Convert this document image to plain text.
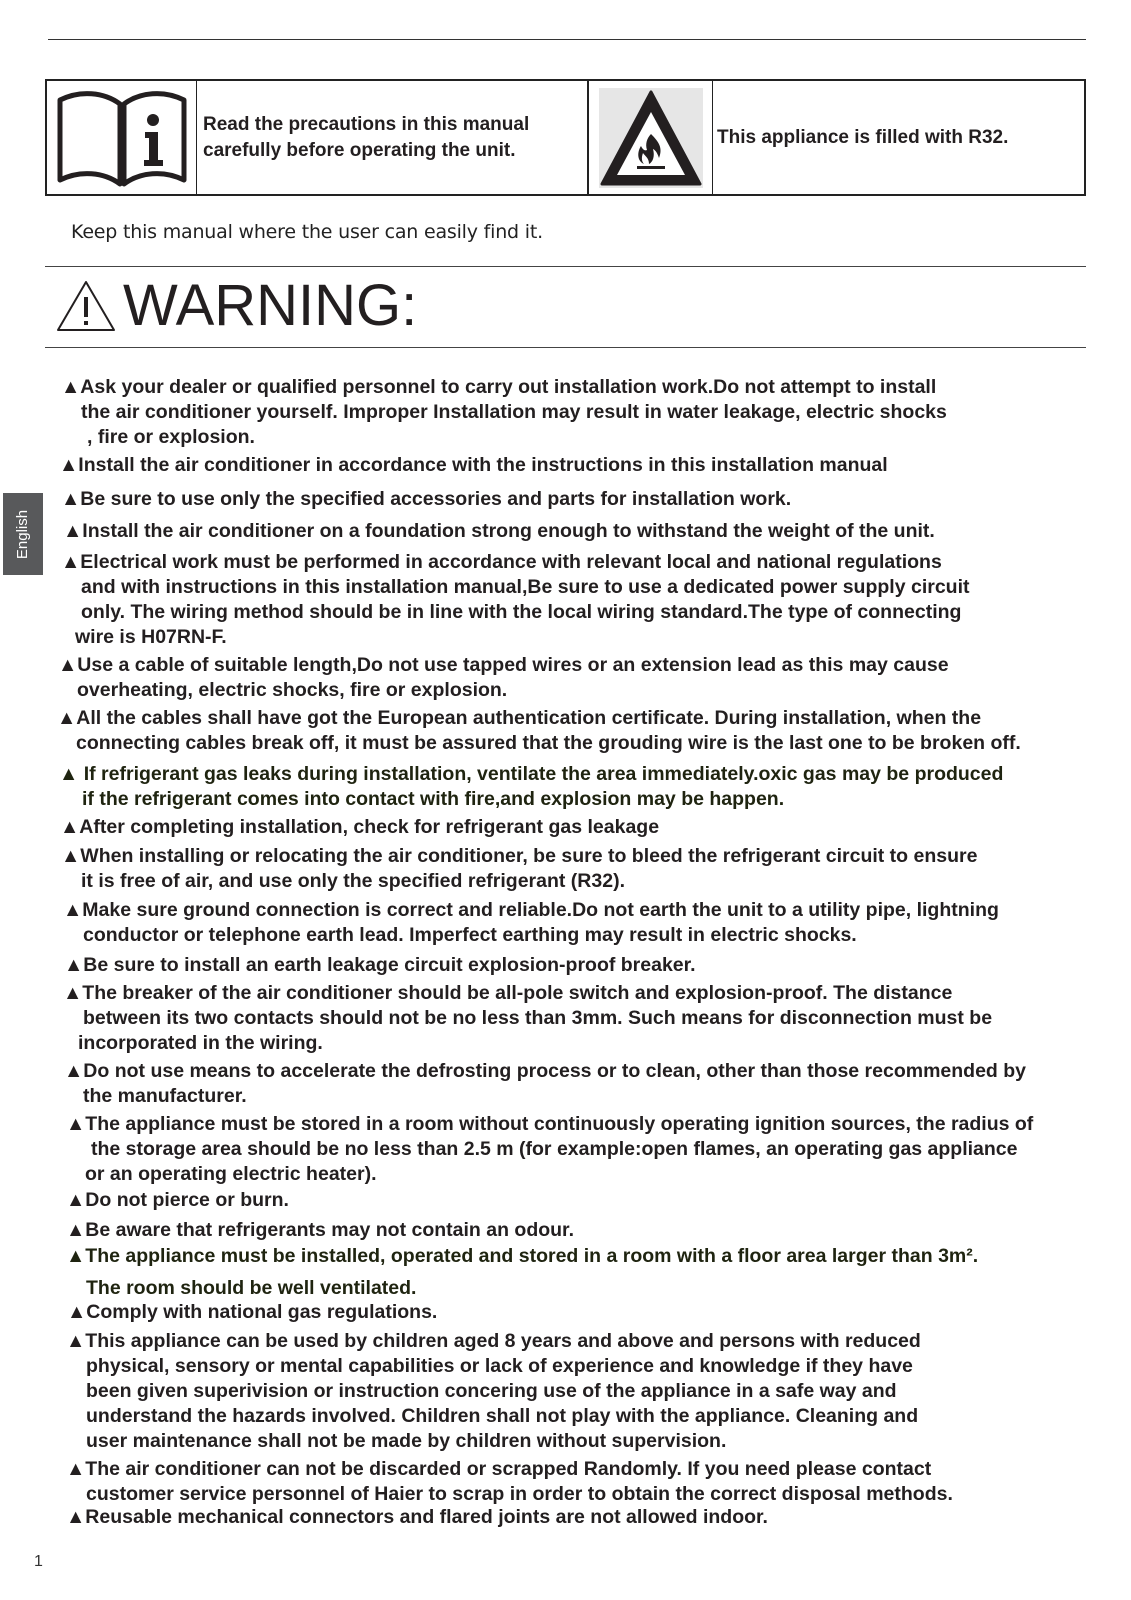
Read the precautions in this manual
carefully before operating the unit.
This appliance is filled with R32.
Keep this manual where the user can easily find it.
WARNING:
English
▲Ask your dealer or qualified personnel to carry out installation work.Do not attempt to install
the air conditioner yourself. Improper Installation may result in water leakage, electric shocks
, fire or explosion.
▲Install the air conditioner in accordance with the instructions in this installation manual
▲Be sure to use only the specified accessories and parts for installation work.
▲Install the air conditioner on a foundation strong enough to withstand the weight of the unit.
▲Electrical work must be performed in accordance with relevant local and national regulations
and with instructions in this installation manual,Be sure to use a dedicated power supply circuit
only. The wiring method should be in line with the local wiring standard.The type of connecting
wire is H07RN-F.
▲Use a cable of suitable length,Do not use tapped wires or an extension lead as this may cause
overheating, electric shocks, fire or explosion.
▲All the cables shall have got the European authentication certificate. During installation, when the
connecting cables break off, it must be assured that the grouding wire is the last one to be broken off.
▲ If refrigerant gas leaks during installation, ventilate the area immediately.oxic gas may be produced
if the refrigerant comes into contact with fire,and explosion may be happen.
▲After completing installation, check for refrigerant gas leakage
▲When installing or relocating the air conditioner, be sure to bleed the refrigerant circuit to ensure
it is free of air, and use only the specified refrigerant (R32).
▲Make sure ground connection is correct and reliable.Do not earth the unit to a utility pipe, lightning
conductor or telephone earth lead. Imperfect earthing may result in electric shocks.
▲Be sure to install an earth leakage circuit explosion-proof breaker.
▲The breaker of the air conditioner should be all-pole switch and explosion-proof. The distance
between its two contacts should not be no less than 3mm. Such means for disconnection must be
incorporated in the wiring.
▲Do not use means to accelerate the defrosting process or to clean, other than those recommended by
the manufacturer.
▲The appliance must be stored in a room without continuously operating ignition sources, the radius of
the storage area should be no less than 2.5 m (for example:open flames, an operating gas appliance
or an operating electric heater).
▲Do not pierce or burn.
▲Be aware that refrigerants may not contain an odour.
▲The appliance must be installed, operated and stored in a room with a floor area larger than 3m².
The room should be well ventilated.
▲Comply with national gas regulations.
▲This appliance can be used by children aged 8 years and above and persons with reduced
physical, sensory or mental capabilities or lack of experience and knowledge if they have
been given superivision or instruction concering use of the appliance in a safe way and
understand the hazards involved. Children shall not play with the appliance. Cleaning and
user maintenance shall not be made by children without supervision.
▲The air conditioner can not be discarded or scrapped Randomly. If you need please contact
customer service personnel of Haier to scrap in order to obtain the correct disposal methods.
▲Reusable mechanical connectors and flared joints are not allowed indoor.
1
